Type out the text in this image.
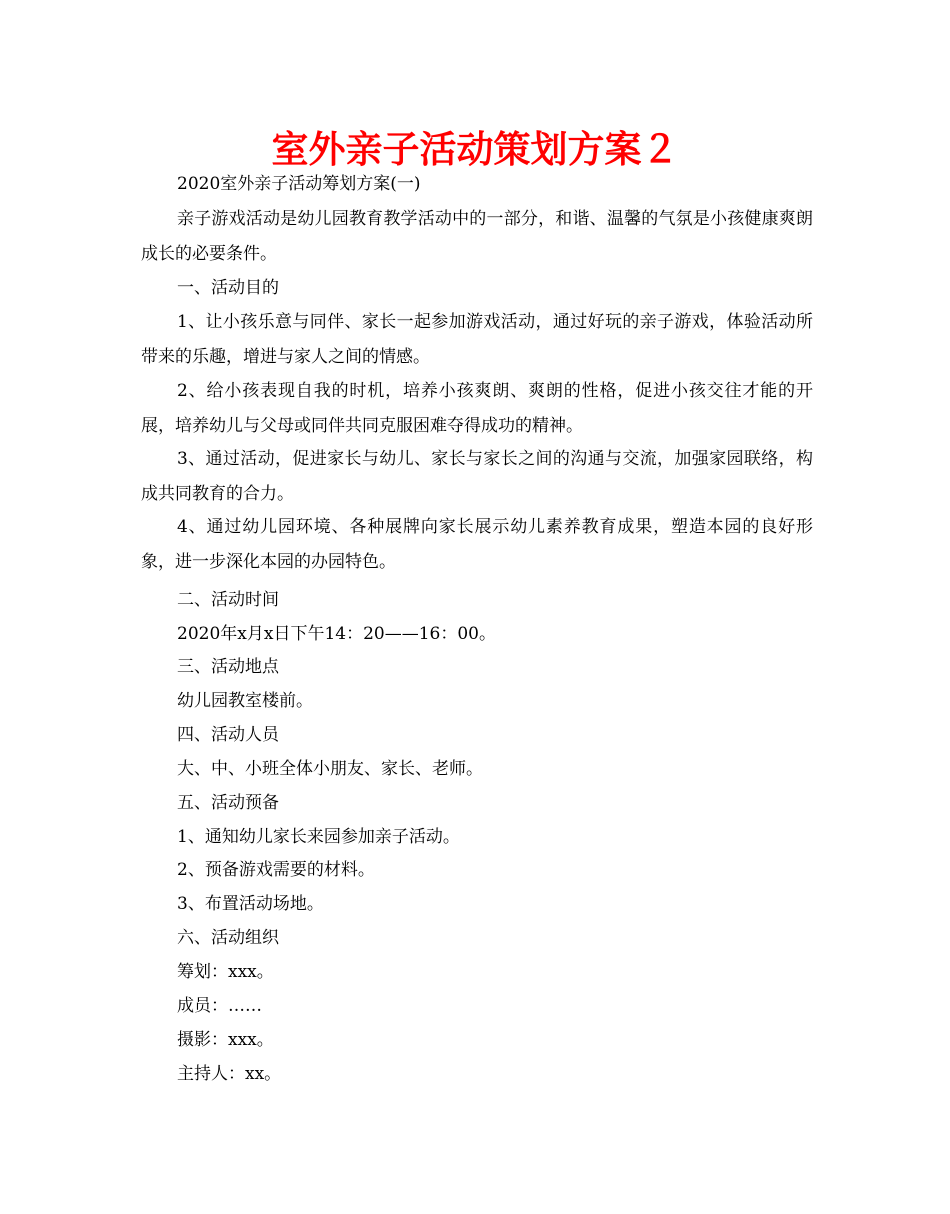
室外亲子活动策划方案２
2020室外亲子活动筹划方案(一)
亲子游戏活动是幼儿园教育教学活动中的一部分，和谐、温馨的气氛是小孩健康爽朗成长的必要条件。
一、活动目的
1、让小孩乐意与同伴、家长一起参加游戏活动，通过好玩的亲子游戏，体验活动所带来的乐趣，增进与家人之间的情感。
2、给小孩表现自我的时机，培养小孩爽朗、爽朗的性格，促进小孩交往才能的开展，培养幼儿与父母或同伴共同克服困难夺得成功的精神。
3、通过活动，促进家长与幼儿、家长与家长之间的沟通与交流，加强家园联络，构成共同教育的合力。
4、通过幼儿园环境、各种展牌向家长展示幼儿素养教育成果，塑造本园的良好形象，进一步深化本园的办园特色。
二、活动时间
2020年x月x日下午14：20——16：00。
三、活动地点
幼儿园教室楼前。
四、活动人员
大、中、小班全体小朋友、家长、老师。
五、活动预备
1、通知幼儿家长来园参加亲子活动。
2、预备游戏需要的材料。
3、布置活动场地。
六、活动组织
筹划：xxx。
成员：……
摄影：xxx。
主持人：xx。
